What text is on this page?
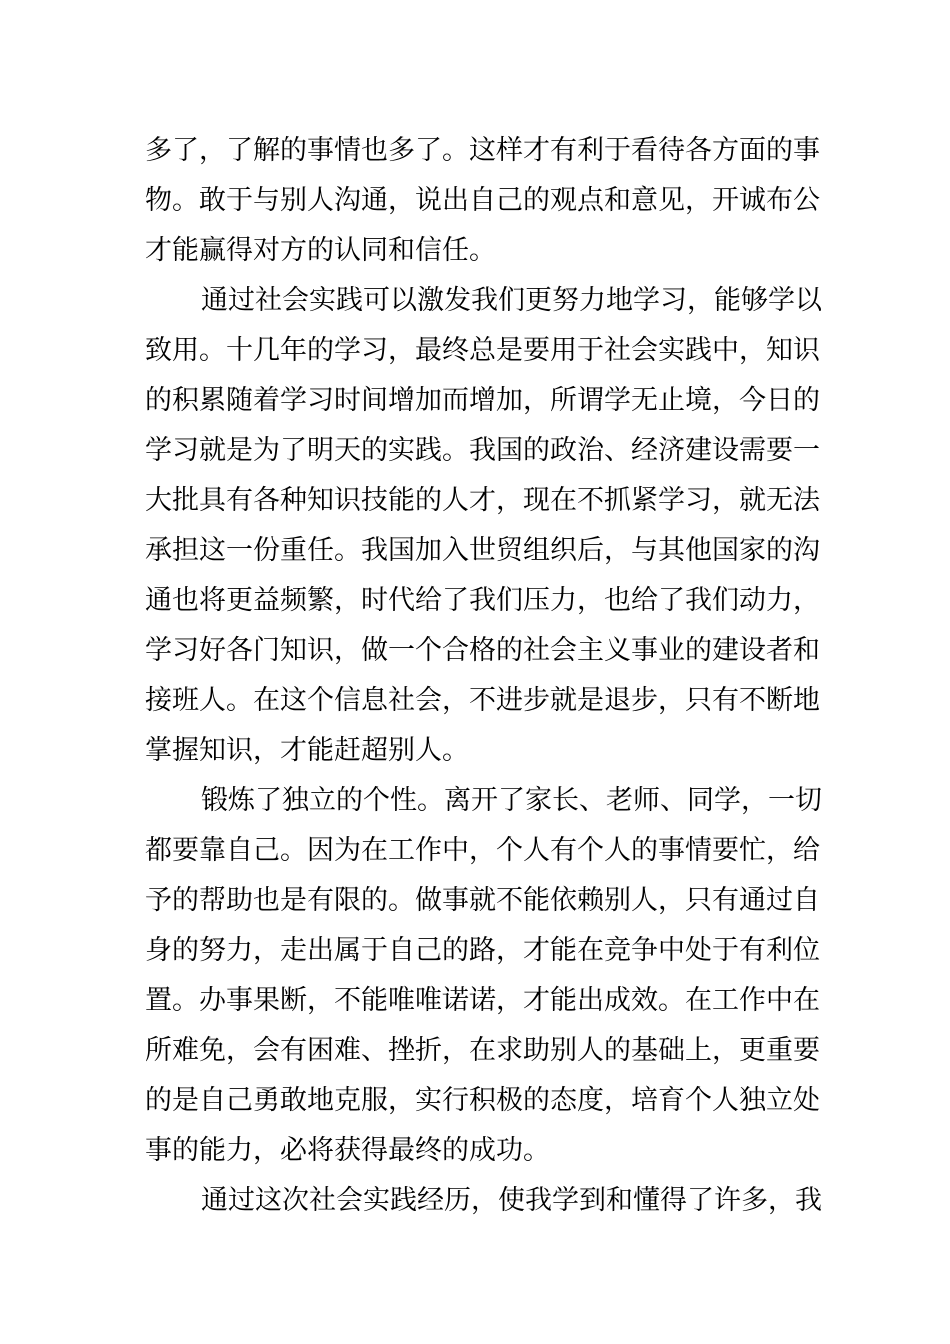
多了，了解的事情也多了。这样才有利于看待各方面的事
物。敢于与别人沟通，说出自己的观点和意见，开诚布公
才能赢得对方的认同和信任。
通过社会实践可以激发我们更努力地学习，能够学以
致用。十几年的学习，最终总是要用于社会实践中，知识
的积累随着学习时间增加而增加，所谓学无止境，今日的
学习就是为了明天的实践。我国的政治、经济建设需要一
大批具有各种知识技能的人才，现在不抓紧学习，就无法
承担这一份重任。我国加入世贸组织后，与其他国家的沟
通也将更益频繁，时代给了我们压力，也给了我们动力，
学习好各门知识，做一个合格的社会主义事业的建设者和
接班人。在这个信息社会，不进步就是退步，只有不断地
掌握知识，才能赶超别人。
锻炼了独立的个性。离开了家长、老师、同学，一切
都要靠自己。因为在工作中，个人有个人的事情要忙，给
予的帮助也是有限的。做事就不能依赖别人，只有通过自
身的努力，走出属于自己的路，才能在竞争中处于有利位
置。办事果断，不能唯唯诺诺，才能出成效。在工作中在
所难免，会有困难、挫折，在求助别人的基础上，更重要
的是自己勇敢地克服，实行积极的态度，培育个人独立处
事的能力，必将获得最终的成功。
通过这次社会实践经历，使我学到和懂得了许多，我
